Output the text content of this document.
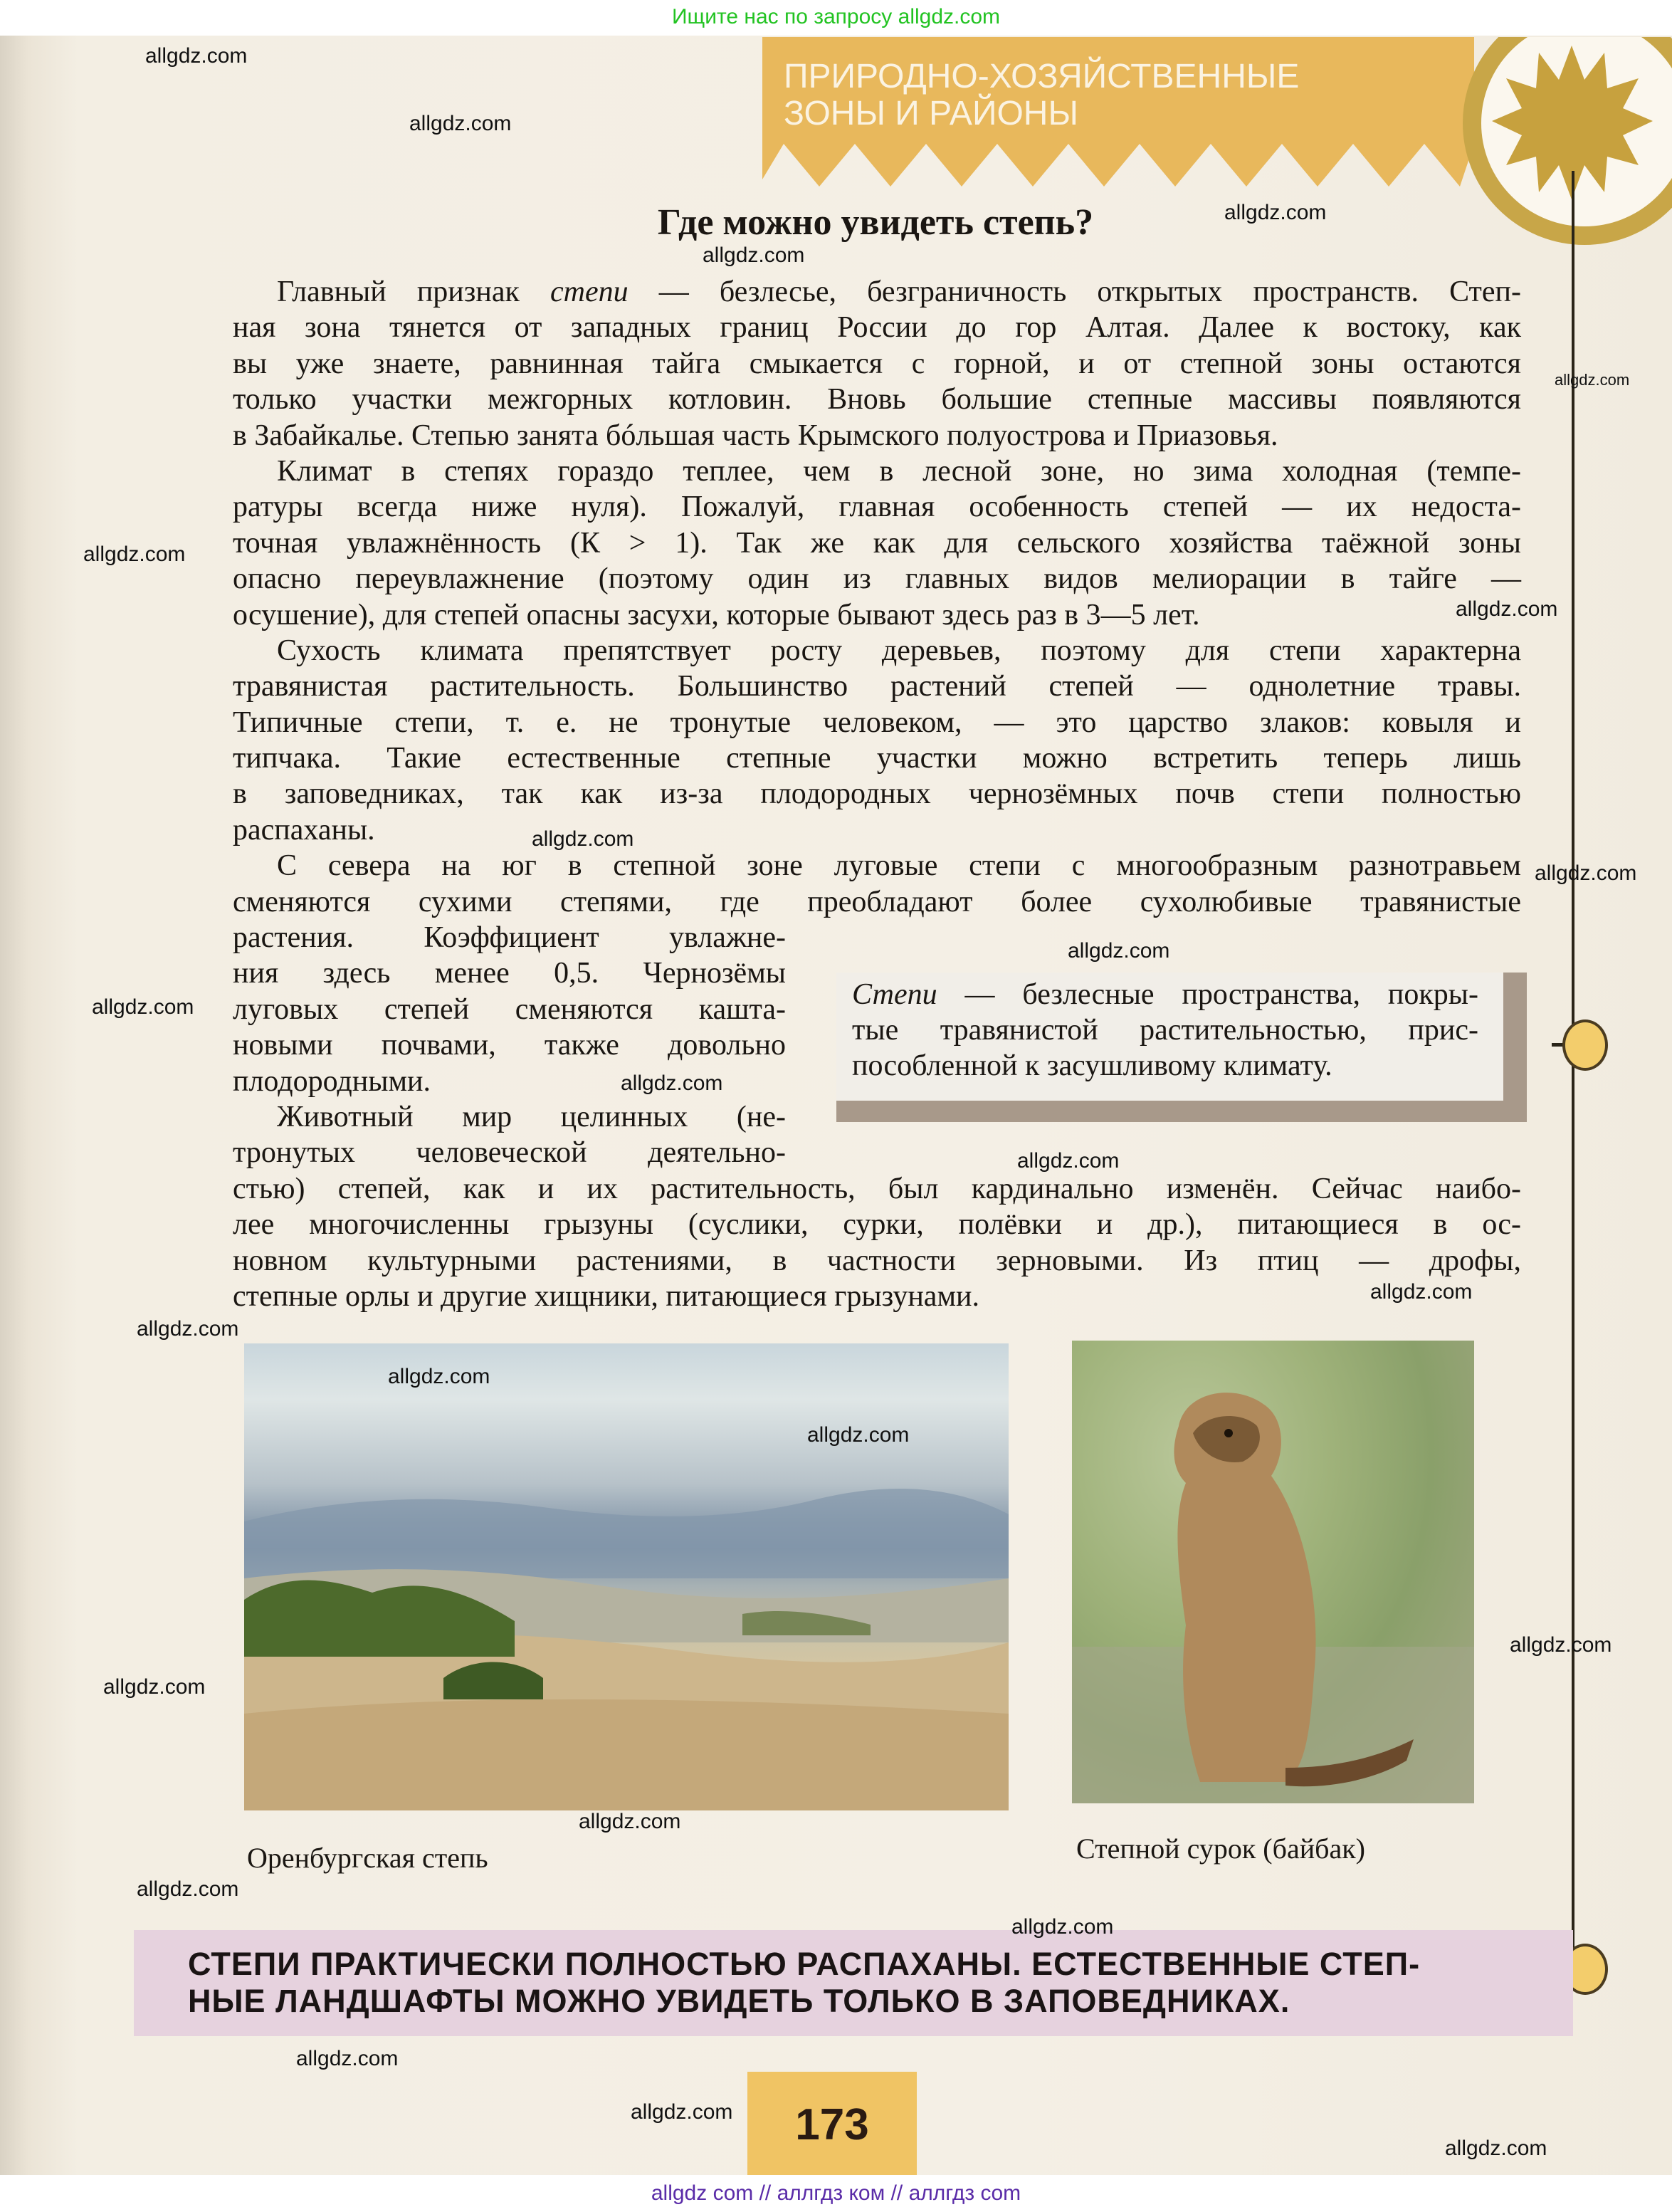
Ищите нас по запросу allgdz.com
ПРИРОДНО-ХОЗЯЙСТВЕННЫЕ
ЗОНЫ И РАЙОНЫ
Где можно увидеть степь?
Главный признак степи — безлесье, безграничность открытых пространств. Степ-
ная зона тянется от западных границ России до гор Алтая. Далее к востоку, как
вы уже знаете, равнинная тайга смыкается с горной, и от степной зоны остаются
только участки межгорных котловин. Вновь большие степные массивы появляются
в Забайкалье. Степью занята бóльшая часть Крымского полуострова и Приазовья.
Климат в степях гораздо теплее, чем в лесной зоне, но зима холодная (темпе-
ратуры всегда ниже нуля). Пожалуй, главная особенность степей — их недоста-
точная увлажнённость (К > 1). Так же как для сельского хозяйства таёжной зоны
опасно переувлажнение (поэтому один из главных видов мелиорации в тайге —
осушение), для степей опасны засухи, которые бывают здесь раз в 3—5 лет.
Сухость климата препятствует росту деревьев, поэтому для степи характерна
травянистая растительность. Большинство растений степей — однолетние травы.
Типичные степи, т. е. не тронутые человеком, — это царство злаков: ковыля и
типчака. Такие естественные степные участки можно встретить теперь лишь
в заповедниках, так как из-за плодородных чернозёмных почв степи полностью
распаханы.
С севера на юг в степной зоне луговые степи с многообразным разнотравьем
сменяются сухими степями, где преобладают более сухолюбивые травянистые
растения. Коэффициент увлажне-
ния здесь менее 0,5. Чернозёмы
луговых степей сменяются кашта-
новыми почвами, также довольно
плодородными.
Животный мир целинных (не-
тронутых человеческой деятельно-
стью) степей, как и их растительность, был кардинально изменён. Сейчас наибо-
лее многочисленны грызуны (суслики, сурки, полёвки и др.), питающиеся в ос-
новном культурными растениями, в частности зерновыми. Из птиц — дрофы,
степные орлы и другие хищники, питающиеся грызунами.
Степи — безлесные пространства, покры-
тые травянистой растительностью, прис-
пособленной к засушливому климату.
Оренбургская степь	Степной сурок (байбак)
СТЕПИ ПРАКТИЧЕСКИ ПОЛНОСТЬЮ РАСПАХАНЫ. ЕСТЕСТВЕННЫЕ СТЕП-
НЫЕ ЛАНДШАФТЫ МОЖНО УВИДЕТЬ ТОЛЬКО В ЗАПОВЕДНИКАХ.
173
allgdz com // аллгдз ком // аллгдз com
allgdz.com
allgdz.com
allgdz.com
allgdz.com
allgdz.com
allgdz.com
allgdz.com
allgdz.com
allgdz.com
allgdz.com
allgdz.com
allgdz.com
allgdz.com
allgdz.com
allgdz.com
allgdz.com
allgdz.com
allgdz.com
allgdz.com
allgdz.com
allgdz.com
allgdz.com
allgdz.com
allgdz.com
allgdz.com
